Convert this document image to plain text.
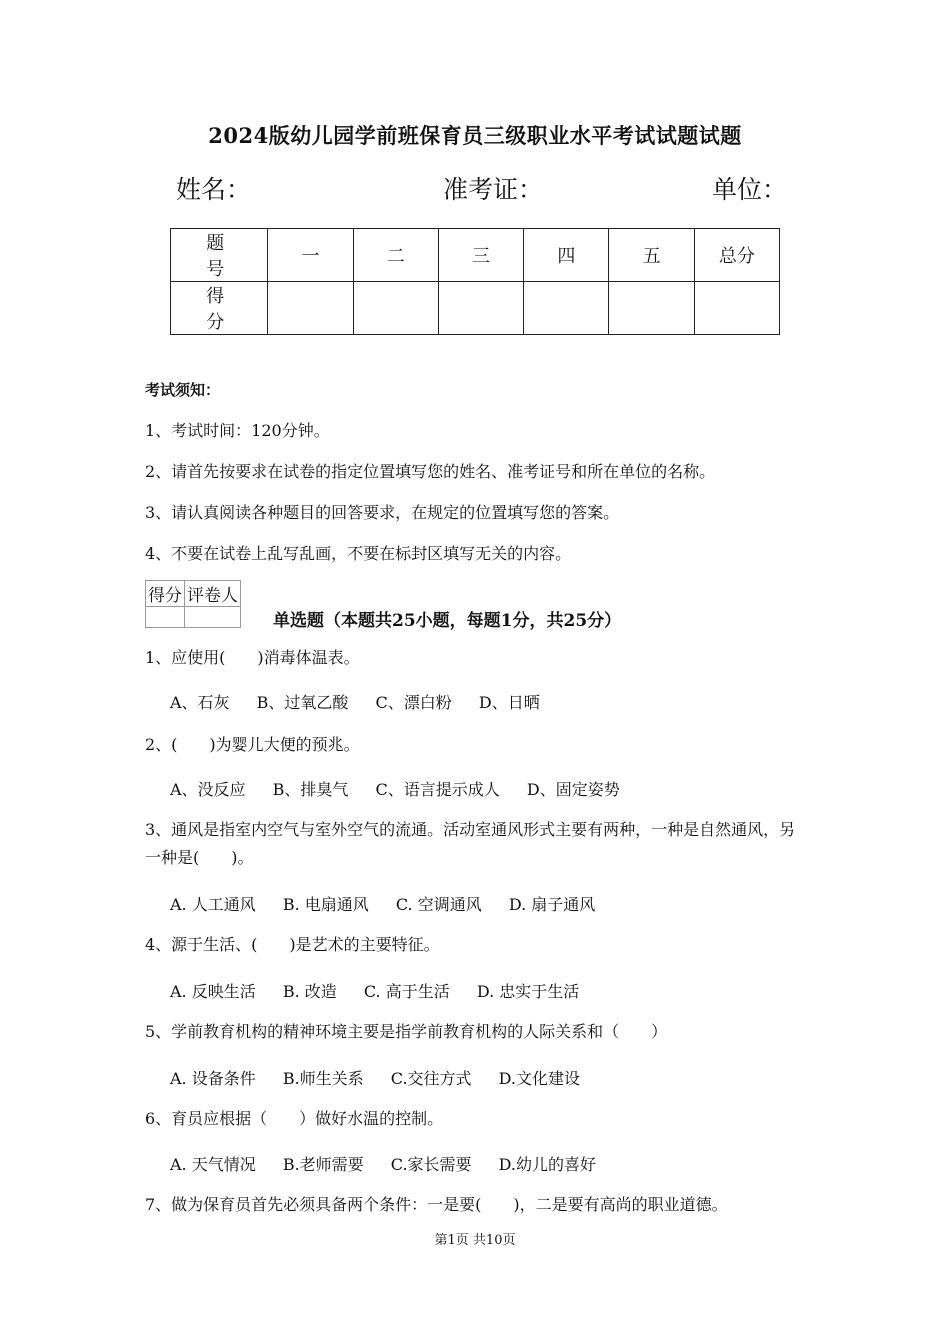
2024版幼儿园学前班保育员三级职业水平考试试题试题
姓名：	准考证：	单位：
题　号	一	二	三	四	五	总分
得　分						
考试须知：
1、考试时间：120分钟。
2、请首先按要求在试卷的指定位置填写您的姓名、准考证号和所在单位的名称。
3、请认真阅读各种题目的回答要求，在规定的位置填写您的答案。
4、不要在试卷上乱写乱画，不要在标封区填写无关的内容。
得分	评卷人

单选题（本题共25小题，每题1分，共25分）
1、应使用(　　)消毒体温表。
A、石灰 B、过氧乙酸 C、漂白粉 D、日晒
2、(　　)为婴儿大便的预兆。
A、没反应 B、排臭气 C、语言提示成人 D、固定姿势
3、通风是指室内空气与室外空气的流通。活动室通风形式主要有两种，一种是自然通风，另一种是(　　)。
A. 人工通风 B. 电扇通风 C. 空调通风 D. 扇子通风
4、源于生活、(　　)是艺术的主要特征。
A. 反映生活 B. 改造 C. 高于生活 D. 忠实于生活
5、学前教育机构的精神环境主要是指学前教育机构的人际关系和（　　）
A. 设备条件 B.师生关系 C.交往方式 D.文化建设
6、育员应根据（　　）做好水温的控制。
A. 天气情况 B.老师需要 C.家长需要 D.幼儿的喜好
7、做为保育员首先必须具备两个条件：一是要(　　)，二是要有高尚的职业道德。
第1页 共10页
